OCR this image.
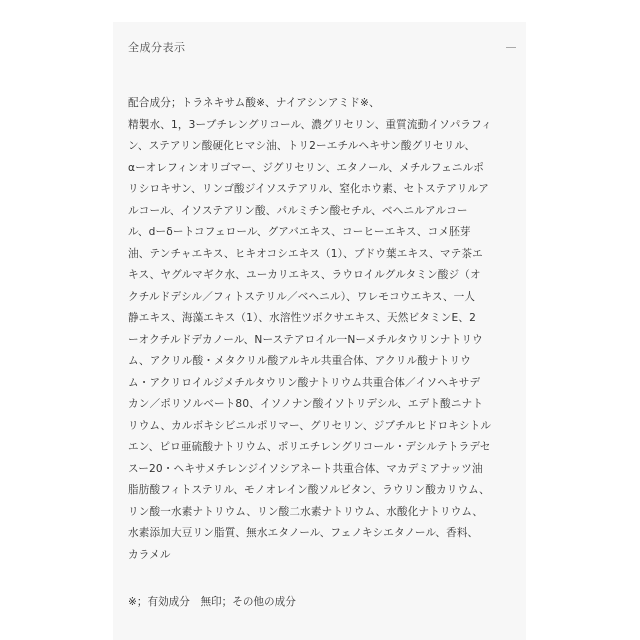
全成分表示
配合成分；トラネキサム酸※、ナイアシンアミド※、
精製水、1，3ーブチレングリコール、濃グリセリン、重質流動イソパラフィ
ン、ステアリン酸硬化ヒマシ油、トリ2ーエチルヘキサン酸グリセリル、
αーオレフィンオリゴマー、ジグリセリン、エタノール、メチルフェニルポ
リシロキサン、リンゴ酸ジイソステアリル、窒化ホウ素、セトステアリルア
ルコール、イソステアリン酸、パルミチン酸セチル、ベヘニルアルコー
ル、dーδートコフェロール、グアバエキス、コーヒーエキス、コメ胚芽
油、テンチャエキス、ヒキオコシエキス（1）、ブドウ葉エキス、マテ茶エ
キス、ヤグルマギク水、ユーカリエキス、ラウロイルグルタミン酸ジ（オ
クチルドデシル／フィトステリル／ベヘニル）、ワレモコウエキス、一人
静エキス、海藻エキス（1）、水溶性ツボクサエキス、天然ビタミンE、2
ーオクチルドデカノール、Nーステアロイル一Nーメチルタウリンナトリウ
ム、アクリル酸・メタクリル酸アルキル共重合体、アクリル酸ナトリウ
ム・アクリロイルジメチルタウリン酸ナトリウム共重合体／イソヘキサデ
カン／ポリソルベート80、イソノナン酸イソトリデシル、エデト酸ニナト
リウム、カルボキシビニルポリマー、グリセリン、ジブチルヒドロキシトル
エン、ピロ亜硫酸ナトリウム、ポリエチレングリコール・デシルテトラデセ
スー20・ヘキサメチレンジイソシアネート共重合体、マカデミアナッツ油
脂肪酸フィトステリル、モノオレイン酸ソルビタン、ラウリン酸カリウム、
リン酸一水素ナトリウム、リン酸二水素ナトリウム、水酸化ナトリウム、
水素添加大豆リン脂質、無水エタノール、フェノキシエタノール、香料、
カラメル
※；有効成分　無印；その他の成分
